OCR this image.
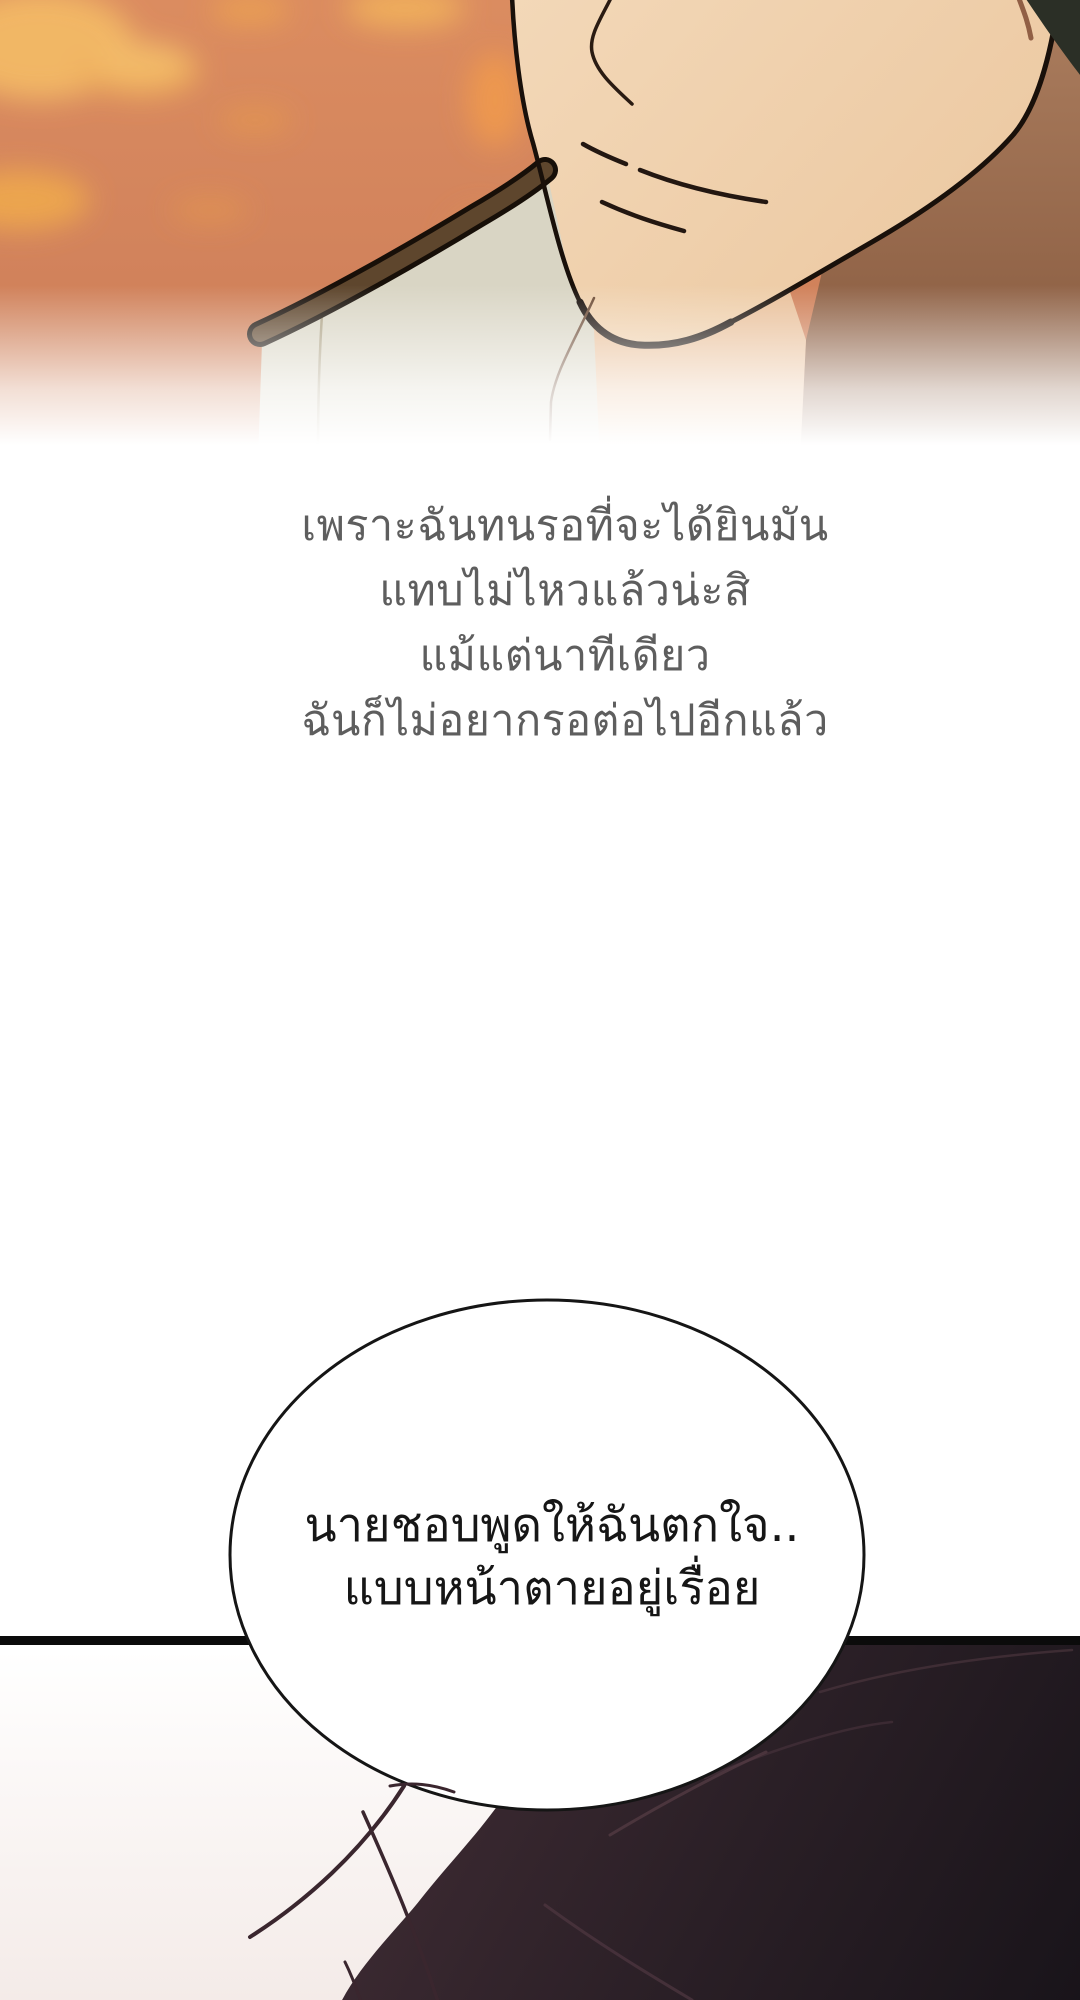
เพราะฉันทนรอที่จะได้ยินมัน
แทบไม่ไหวแล้วน่ะสิ
แม้แต่นาทีเดียว
ฉันก็ไม่อยากรอต่อไปอีกแล้ว
นายชอบพูดให้ฉันตกใจ..
แบบหน้าตายอยู่เรื่อย
